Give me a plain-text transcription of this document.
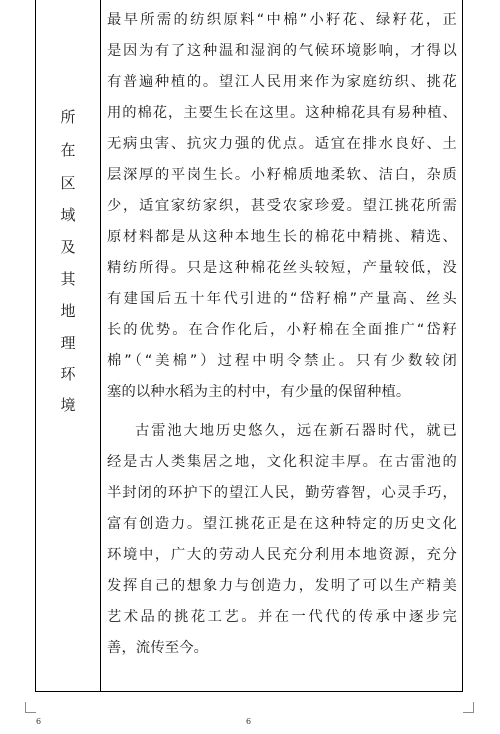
所
在
区
域
及
其
地
理
环
境
最早所需的纺织原料“中棉”小籽花、绿籽花，正
是因为有了这种温和湿润的气候环境影响，才得以
有普遍种植的。望江人民用来作为家庭纺织、挑花
用的棉花，主要生长在这里。这种棉花具有易种植、
无病虫害、抗灾力强的优点。适宜在排水良好、土
层深厚的平岗生长。小籽棉质地柔软、洁白，杂质
少，适宜家纺家织，甚受农家珍爱。望江挑花所需
原材料都是从这种本地生长的棉花中精挑、精选、
精纺所得。只是这种棉花丝头较短，产量较低，没
有建国后五十年代引进的“岱籽棉”产量高、丝头
长的优势。在合作化后，小籽棉在全面推广“岱籽
棉”（“美棉”）过程中明令禁止。只有少数较闭
塞的以种水稻为主的村中，有少量的保留种植。
古雷池大地历史悠久，远在新石器时代，就已
经是古人类集居之地，文化积淀丰厚。在古雷池的
半封闭的环护下的望江人民，勤劳睿智，心灵手巧，
富有创造力。望江挑花正是在这种特定的历史文化
环境中，广大的劳动人民充分利用本地资源，充分
发挥自己的想象力与创造力，发明了可以生产精美
艺术品的挑花工艺。并在一代代的传承中逐步完
善，流传至今。
6	6
